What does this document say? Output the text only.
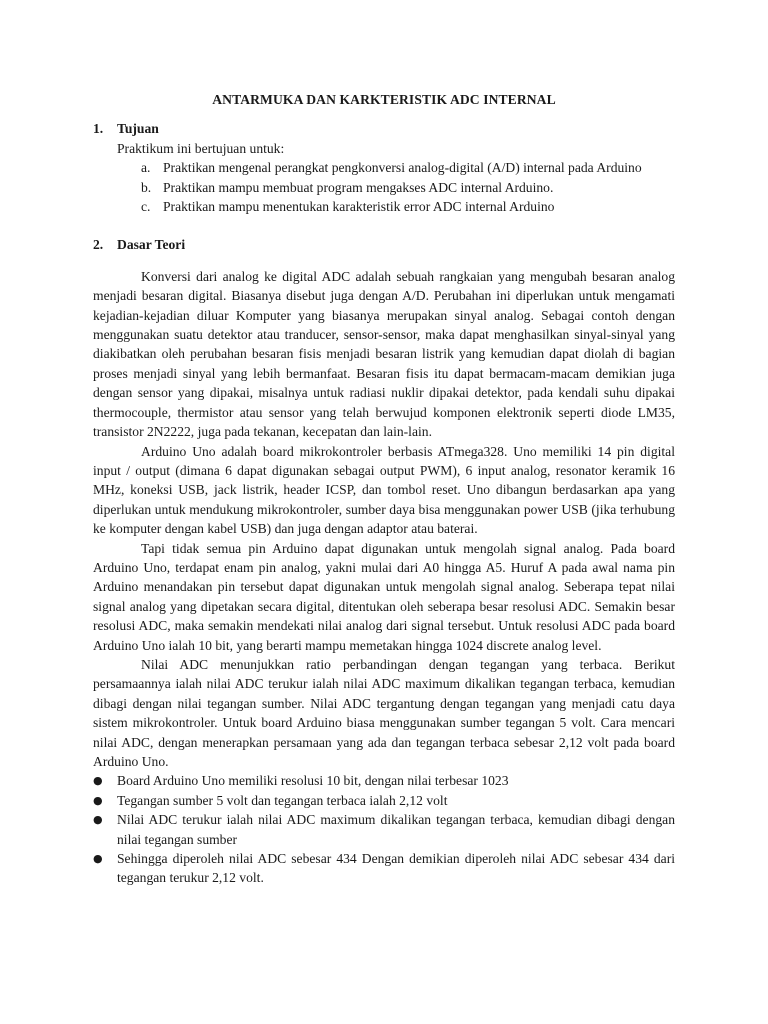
ANTARMUKA DAN KARKTERISTIK ADC INTERNAL
1.	Tujuan
Praktikum ini bertujuan untuk:
a. Praktikan mengenal perangkat pengkonversi analog-digital (A/D) internal pada Arduino
b. Praktikan mampu membuat program mengakses ADC internal Arduino.
c. Praktikan mampu menentukan karakteristik error ADC internal Arduino
2.	Dasar Teori

Konversi dari analog ke digital ADC adalah sebuah rangkaian yang mengubah besaran analog menjadi besaran digital. Biasanya disebut juga dengan A/D. Perubahan ini diperlukan untuk mengamati kejadian-kejadian diluar Komputer yang biasanya merupakan sinyal analog. Sebagai contoh dengan menggunakan suatu detektor atau tranducer, sensor-sensor, maka dapat menghasilkan sinyal-sinyal yang diakibatkan oleh perubahan besaran fisis menjadi besaran listrik yang kemudian dapat diolah di bagian proses menjadi sinyal yang lebih bermanfaat. Besaran fisis itu dapat bermacam-macam demikian juga dengan sensor yang dipakai, misalnya untuk radiasi nuklir dipakai detektor, pada kendali suhu dipakai thermocouple, thermistor atau sensor yang telah berwujud komponen elektronik seperti diode LM35, transistor 2N2222, juga pada tekanan, kecepatan dan lain-lain.

Arduino Uno adalah board mikrokontroler berbasis ATmega328. Uno memiliki 14 pin digital input / output (dimana 6 dapat digunakan sebagai output PWM), 6 input analog, resonator keramik 16 MHz, koneksi USB, jack listrik, header ICSP, dan tombol reset. Uno dibangun berdasarkan apa yang diperlukan untuk mendukung mikrokontroler, sumber daya bisa menggunakan power USB (jika terhubung ke komputer dengan kabel USB) dan juga dengan adaptor atau baterai.

Tapi tidak semua pin Arduino dapat digunakan untuk mengolah signal analog. Pada board Arduino Uno, terdapat enam pin analog, yakni mulai dari A0 hingga A5. Huruf A pada awal nama pin Arduino menandakan pin tersebut dapat digunakan untuk mengolah signal analog. Seberapa tepat nilai signal analog yang dipetakan secara digital, ditentukan oleh seberapa besar resolusi ADC. Semakin besar resolusi ADC, maka semakin mendekati nilai analog dari signal tersebut. Untuk resolusi ADC pada board Arduino Uno ialah 10 bit, yang berarti mampu memetakan hingga 1024 discrete analog level.

Nilai ADC menunjukkan ratio perbandingan dengan tegangan yang terbaca. Berikut persamaannya ialah nilai ADC terukur ialah nilai ADC maximum dikalikan tegangan terbaca, kemudian dibagi dengan nilai tegangan sumber. Nilai ADC tergantung dengan tegangan yang menjadi catu daya sistem mikrokontroler. Untuk board Arduino biasa menggunakan sumber tegangan 5 volt. Cara mencari nilai ADC, dengan menerapkan persamaan yang ada dan tegangan terbaca sebesar 2,12 volt pada board Arduino Uno.

●	Board Arduino Uno memiliki resolusi 10 bit, dengan nilai terbesar 1023
●	Tegangan sumber 5 volt dan tegangan terbaca ialah 2,12 volt
●	Nilai ADC terukur ialah nilai ADC maximum dikalikan tegangan terbaca, kemudian dibagi dengan nilai tegangan sumber
●	Sehingga diperoleh nilai ADC sebesar 434 Dengan demikian diperoleh nilai ADC sebesar 434 dari tegangan terukur 2,12 volt.
